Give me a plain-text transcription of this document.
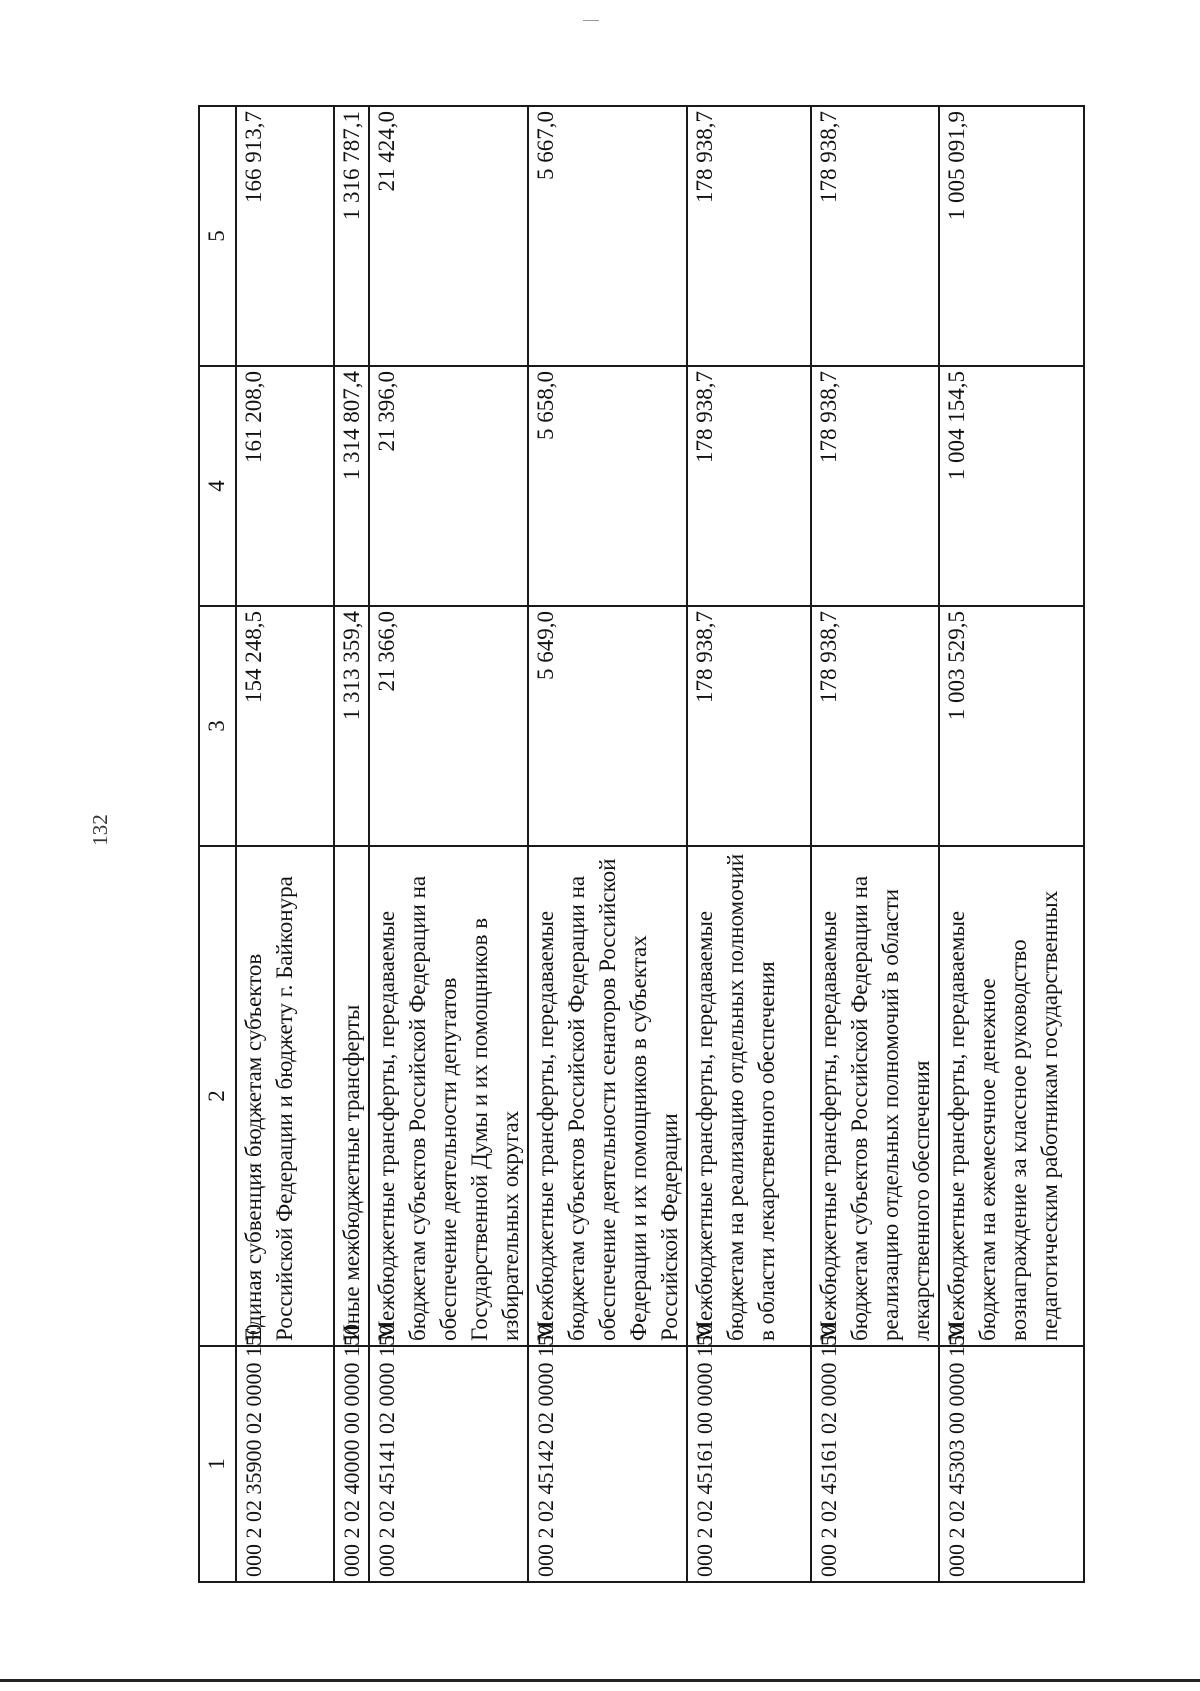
132
1	2	3	4	5
000 2 02 35900 02 0000 150	Единая субвенция бюджетам субъектов Российской Федерации и бюджету г. Байконура	154 248,5	161 208,0	166 913,7
000 2 02 40000 00 0000 150	Иные межбюджетные трансферты	1 313 359,4	1 314 807,4	1 316 787,1
000 2 02 45141 02 0000 150	Межбюджетные трансферты, передаваемые бюджетам субъектов Российской Федерации на обеспечение деятельности депутатов Государственной Думы и их помощников в избирательных округах	21 366,0	21 396,0	21 424,0
000 2 02 45142 02 0000 150	Межбюджетные трансферты, передаваемые бюджетам субъектов Российской Федерации на обеспечение деятельности сенаторов Российской Федерации и их помощников в субъектах Российской Федерации	5 649,0	5 658,0	5 667,0
000 2 02 45161 00 0000 150	Межбюджетные трансферты, передаваемые бюджетам на реализацию отдельных полномочий в области лекарственного обеспечения	178 938,7	178 938,7	178 938,7
000 2 02 45161 02 0000 150	Межбюджетные трансферты, передаваемые бюджетам субъектов Российской Федерации на реализацию отдельных полномочий в области лекарственного обеспечения	178 938,7	178 938,7	178 938,7
000 2 02 45303 00 0000 150	Межбюджетные трансферты, передаваемые бюджетам на ежемесячное денежное вознаграждение за классное руководство педагогическим работникам государственных	1 003 529,5	1 004 154,5	1 005 091,9
